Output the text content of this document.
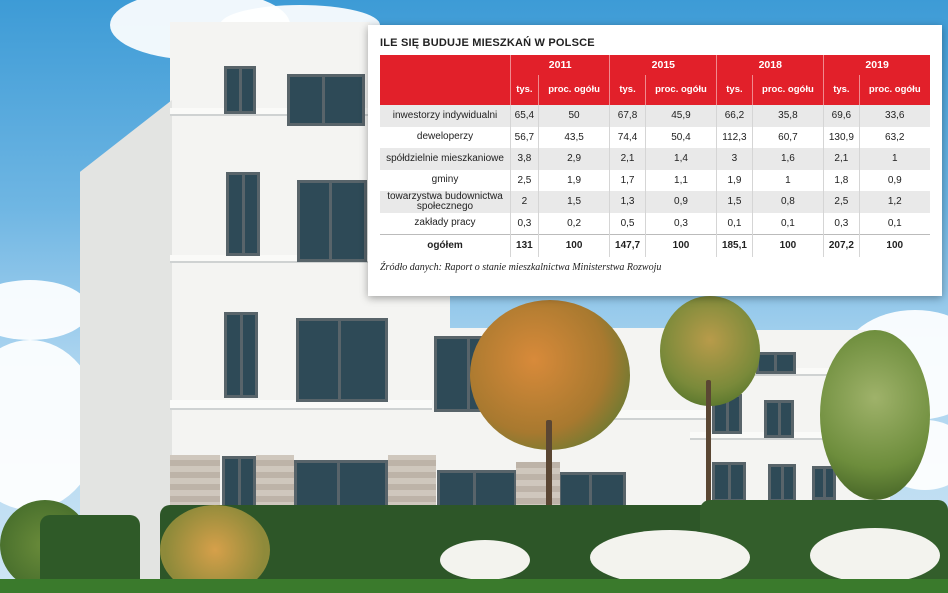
ILE SIĘ BUDUJE MIESZKAŃ W POLSCE
	2011		2015		2018		2019	
	tys.	proc. ogółu	tys.	proc. ogółu	tys.	proc. ogółu	tys.	proc. ogółu
inwestorzy indywidualni	65,4	50	67,8	45,9	66,2	35,8	69,6	33,6
deweloperzy	56,7	43,5	74,4	50,4	112,3	60,7	130,9	63,2
spółdzielnie mieszkaniowe	3,8	2,9	2,1	1,4	3	1,6	2,1	1
gminy	2,5	1,9	1,7	1,1	1,9	1	1,8	0,9
towarzystwa budownictwa społecznego	2	1,5	1,3	0,9	1,5	0,8	2,5	1,2
zakłady pracy	0,3	0,2	0,5	0,3	0,1	0,1	0,3	0,1
ogółem	131	100	147,7	100	185,1	100	207,2	100
Źródło danych: Raport o stanie mieszkalnictwa Ministerstwa Rozwoju
